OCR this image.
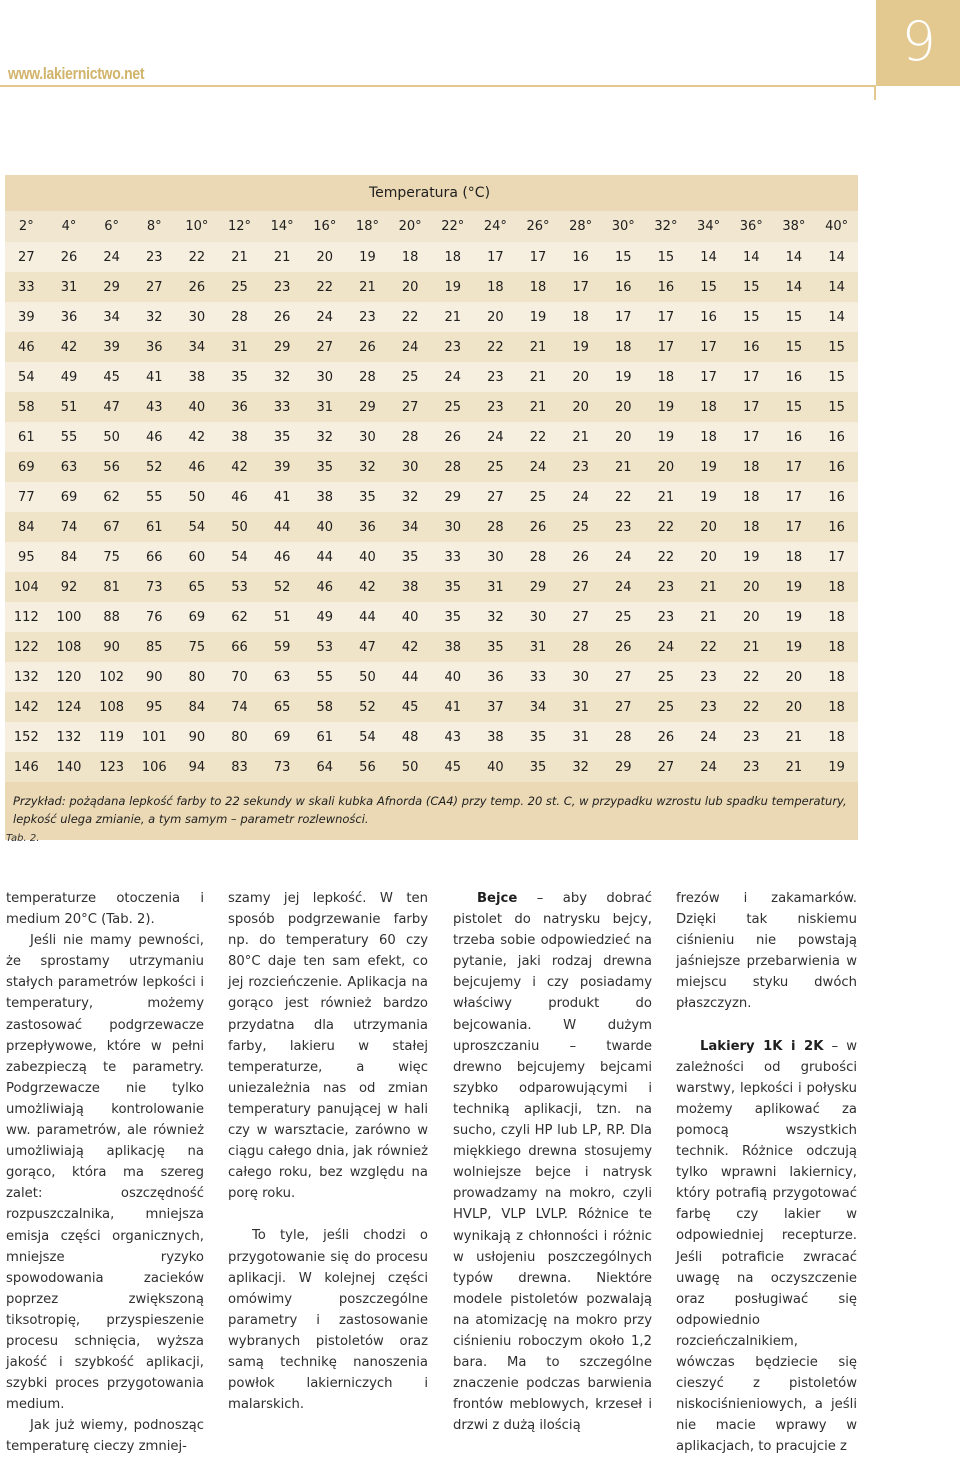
www.lakiernictwo.net
9
Temperatura (°C)
2°	4°	6°	8°	10°	12°	14°	16°	18°	20°	22°	24°	26°	28°	30°	32°	34°	36°	38°	40°
27	26	24	23	22	21	21	20	19	18	18	17	17	16	15	15	14	14	14	14
33	31	29	27	26	25	23	22	21	20	19	18	18	17	16	16	15	15	14	14
39	36	34	32	30	28	26	24	23	22	21	20	19	18	17	17	16	15	15	14
46	42	39	36	34	31	29	27	26	24	23	22	21	19	18	17	17	16	15	15
54	49	45	41	38	35	32	30	28	25	24	23	21	20	19	18	17	17	16	15
58	51	47	43	40	36	33	31	29	27	25	23	21	20	20	19	18	17	15	15
61	55	50	46	42	38	35	32	30	28	26	24	22	21	20	19	18	17	16	16
69	63	56	52	46	42	39	35	32	30	28	25	24	23	21	20	19	18	17	16
77	69	62	55	50	46	41	38	35	32	29	27	25	24	22	21	19	18	17	16
84	74	67	61	54	50	44	40	36	34	30	28	26	25	23	22	20	18	17	16
95	84	75	66	60	54	46	44	40	35	33	30	28	26	24	22	20	19	18	17
104	92	81	73	65	53	52	46	42	38	35	31	29	27	24	23	21	20	19	18
112	100	88	76	69	62	51	49	44	40	35	32	30	27	25	23	21	20	19	18
122	108	90	85	75	66	59	53	47	42	38	35	31	28	26	24	22	21	19	18
132	120	102	90	80	70	63	55	50	44	40	36	33	30	27	25	23	22	20	18
142	124	108	95	84	74	65	58	52	45	41	37	34	31	27	25	23	22	20	18
152	132	119	101	90	80	69	61	54	48	43	38	35	31	28	26	24	23	21	18
146	140	123	106	94	83	73	64	56	50	45	40	35	32	29	27	24	23	21	19
Przykład: pożądana lepkość farby to 22 sekundy w skali kubka Afnorda (CA4) przy temp. 20 st. C, w przypadku wzrostu lub spadku temperatury, lepkość ulega zmianie, a tym samym – parametr rozlewności.
Tab. 2.

temperaturze otoczenia i medium 20°C (Tab. 2).

Jeśli nie mamy pewności, że sprostamy utrzymaniu stałych parametrów lepkości i temperatury, możemy zastosować podgrzewacze przepływowe, które w pełni zabezpieczą te parametry. Podgrzewacze nie tylko umożliwiają kontrolowanie ww. parametrów, ale również umożliwiają aplikację na gorąco, która ma szereg zalet: oszczędność rozpuszczalnika, mniejsza emisja części organicznych, mniejsze ryzyko spowodowania zacieków poprzez zwiększoną tiksotropię, przyspieszenie procesu schnięcia, wyższa jakość i szybkość aplikacji, szybki proces przygotowania medium.

Jak już wiemy, podnosząc temperaturę cieczy zmniej-

szamy jej lepkość. W ten sposób podgrzewanie farby np. do temperatury 60 czy 80°C daje ten sam efekt, co jej rozcieńczenie. Aplikacja na gorąco jest również bardzo przydatna dla utrzymania farby, lakieru w stałej temperaturze, a więc uniezależnia nas od zmian temperatury panującej w hali czy w warsztacie, zarówno w ciągu całego dnia, jak również całego roku, bez względu na porę roku.

To tyle, jeśli chodzi o przygotowanie się do procesu aplikacji. W kolejnej części omówimy poszczególne parametry i zastosowanie wybranych pistoletów oraz samą technikę nanoszenia powłok lakierniczych i malarskich.

Bejce – aby dobrać pistolet do natrysku bejcy, trzeba sobie odpowiedzieć na pytanie, jaki rodzaj drewna bejcujemy i czy posiadamy właściwy produkt do bejcowania. W dużym uproszczaniu – twarde drewno bejcujemy bejcami szybko odparowującymi i techniką aplikacji, tzn. na sucho, czyli HP lub LP, RP. Dla miękkiego drewna stosujemy wolniejsze bejce i natrysk prowadzamy na mokro, czyli HVLP, VLP LVLP. Różnice te wynikają z chłonności i różnic w usłojeniu poszczególnych typów drewna. Niektóre modele pistoletów pozwalają na atomizację na mokro przy ciśnieniu roboczym około 1,2 bara. Ma to szczególne znaczenie podczas barwienia frontów meblowych, krzeseł i drzwi z dużą ilością

frezów i zakamarków. Dzięki tak niskiemu ciśnieniu nie powstają jaśniejsze przebarwienia w miejscu styku dwóch płaszczyzn.

Lakiery 1K i 2K – w zależności od grubości warstwy, lepkości i połysku możemy aplikować za pomocą wszystkich technik. Różnice odczują tylko wprawni lakiernicy, który potrafią przygotować farbę czy lakier w odpowiedniej recepturze. Jeśli potraficie zwracać uwagę na oczyszczenie oraz posługiwać się odpowiednio rozcieńczalnikiem, wówczas będziecie się cieszyć z pistoletów niskociśnieniowych, a jeśli nie macie wprawy w aplikacjach, to pracujcie z
